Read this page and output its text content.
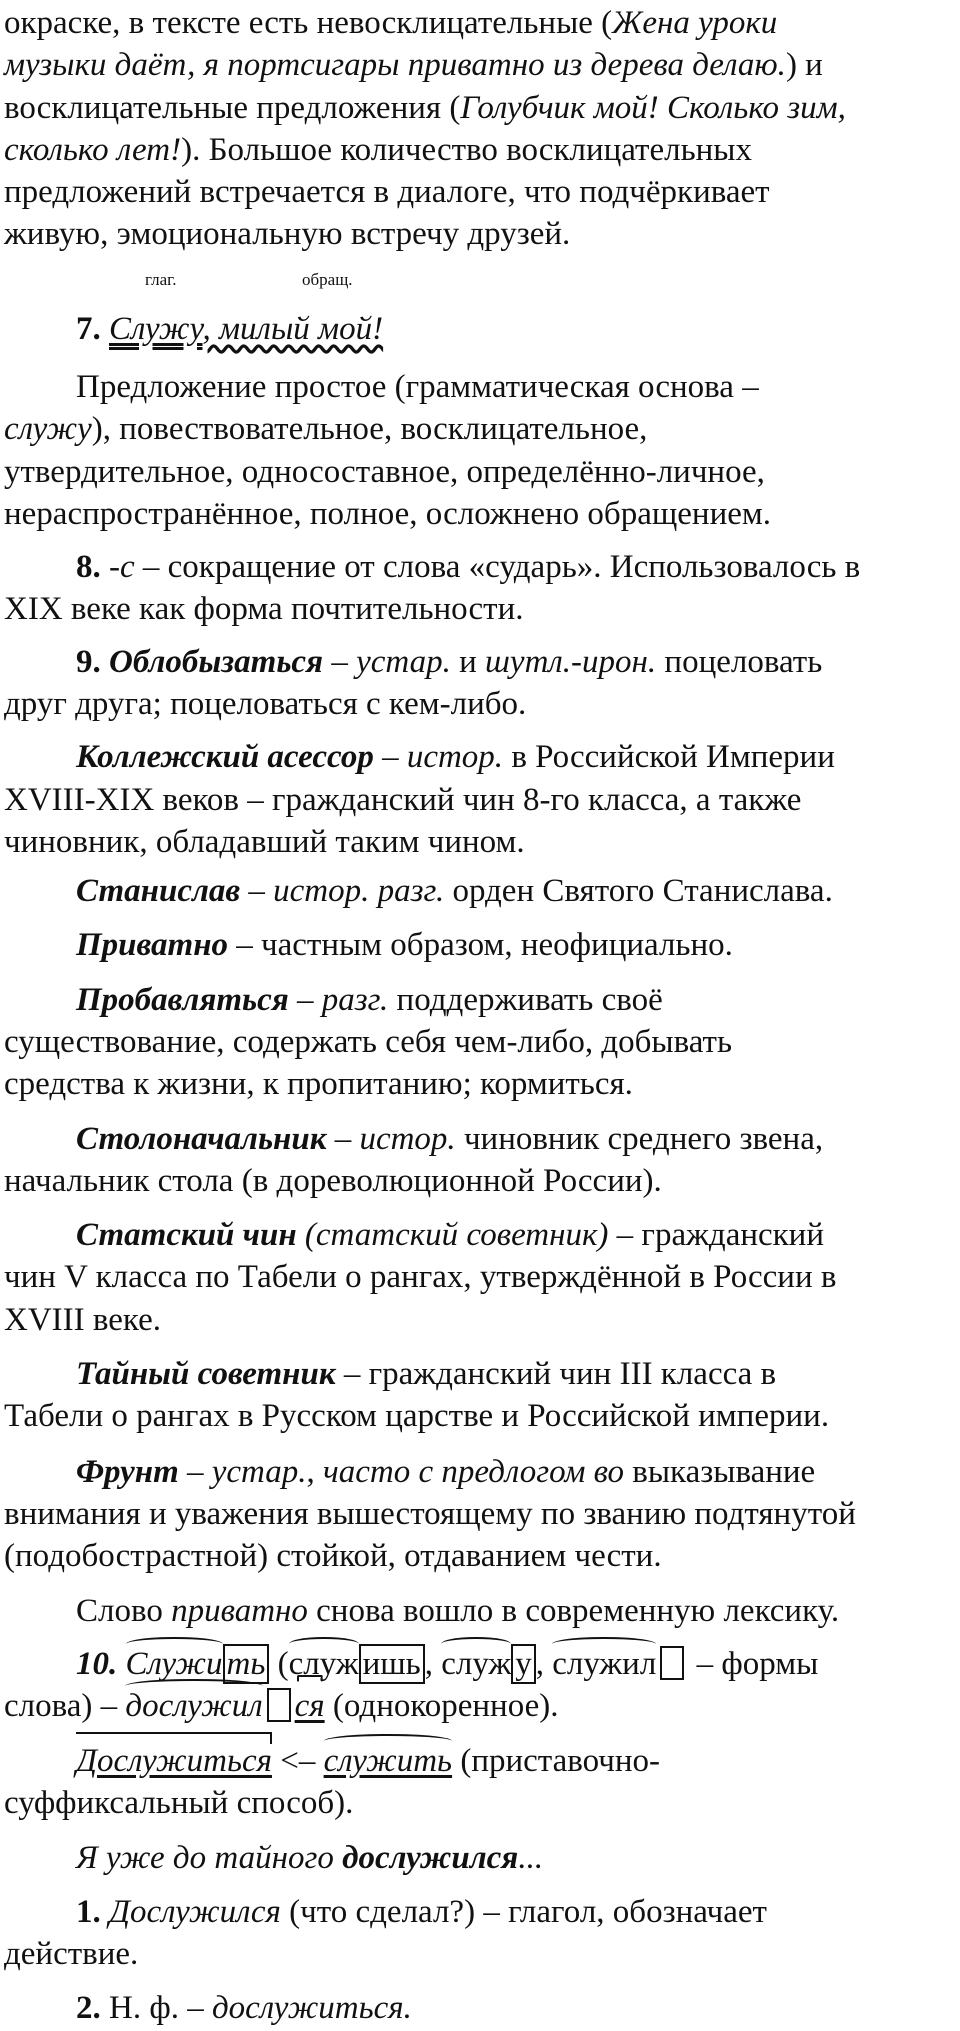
окраске, в тексте есть невосклицательные (Жена уроки
музыки даёт, я портсигары приватно из дерева делаю.) и
восклицательные предложения (Голубчик мой! Сколько зим,
сколько лет!). Большое количество восклицательных
предложений встречается в диалоге, что подчёркивает
живую, эмоциональную встречу друзей.
глаг.	обращ.
7. Служу, милый мой!
Предложение простое (грамматическая основа –
служу), повествовательное, восклицательное,
утвердительное, односоставное, определённо-личное,
нераспространённое, полное, осложнено обращением.
8. -с – сокращение от слова «сударь». Использовалось в
XIX веке как форма почтительности.
9. Облобызаться – устар. и шутл.-ирон. поцеловать
друг друга; поцеловаться с кем-либо.
Коллежский асессор – истор. в Российской Империи
XVIII-XIX веков – гражданский чин 8-го класса, а также
чиновник, обладавший таким чином.
Станислав – истор. разг. орден Святого Станислава.
Приватно – частным образом, неофициально.
Пробавляться – разг. поддерживать своё
существование, содержать себя чем-либо, добывать
средства к жизни, к пропитанию; кормиться.
Столоначальник – истор. чиновник среднего звена,
начальник стола (в дореволюционной России).
Статский чин (статский советник) – гражданский
чин V класса по Табели о рангах, утверждённой в России в
XVIII веке.
Тайный советник – гражданский чин III класса в
Табели о рангах в Русском царстве и Российской империи.
Фрунт – устар., часто с предлогом во выказывание
внимания и уважения вышестоящему по званию подтянутой
(подобострастной) стойкой, отдаванием чести.
Слово приватно снова вошло в современную лексику.
10. Служи ть (служ ишь , служ у , служил – формы
слова) – дослужил ся (однокоренное).
Дослужиться <– служить (приставочно-
суффиксальный способ).
Я уже до тайного дослужился...
1. Дослужился (что сделал?) – глагол, обозначает
действие.
2. Н. ф. – дослужиться.
